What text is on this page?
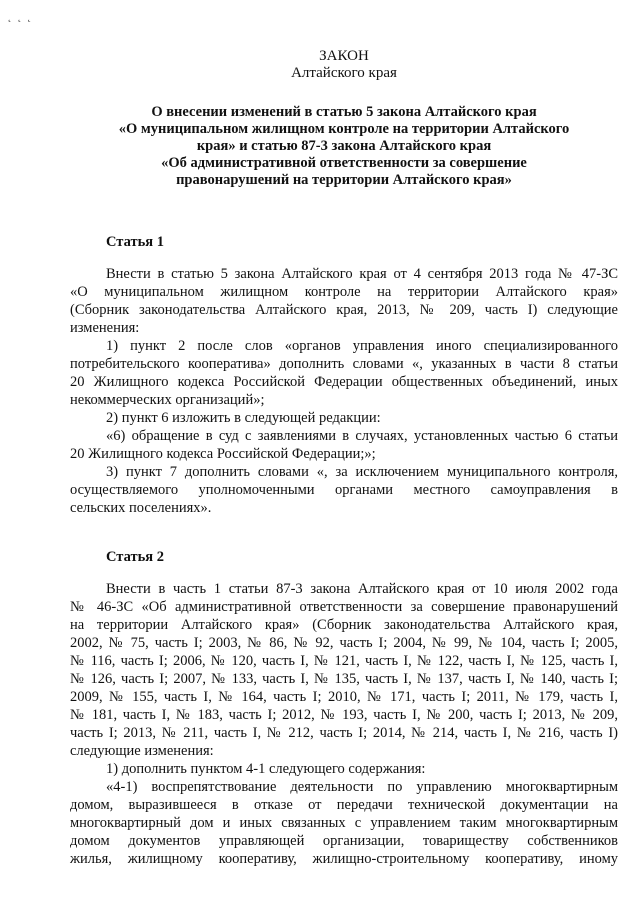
˛ ˛ ˛

ЗАКОН

Алтайского края

О внесении изменений в статью 5 закона Алтайского края
«О муниципальном жилищном контроле на территории Алтайского
края» и статью 87-3 закона Алтайского края
«Об административной ответственности за совершение
правонарушений на территории Алтайского края»
Статья 1
Внести в статью 5 закона Алтайского края от 4 сентября 2013 года № 47-ЗС
«О муниципальном жилищном контроле на территории Алтайского края»
(Сборник законодательства Алтайского края, 2013, № 209, часть I) следующие
изменения:
1) пункт 2 после слов «органов управления иного специализированного
потребительского кооператива» дополнить словами «, указанных в части 8 статьи
20 Жилищного кодекса Российской Федерации общественных объединений, иных
некоммерческих организаций»;
2) пункт 6 изложить в следующей редакции:
«6) обращение в суд с заявлениями в случаях, установленных частью 6 статьи
20 Жилищного кодекса Российской Федерации;»;
3) пункт 7 дополнить словами «, за исключением муниципального контроля,
осуществляемого уполномоченными органами местного самоуправления в
сельских поселениях».
Статья 2
Внести в часть 1 статьи 87-3 закона Алтайского края от 10 июля 2002 года
№ 46-ЗС «Об административной ответственности за совершение правонарушений
на территории Алтайского края» (Сборник законодательства Алтайского края,
2002, № 75, часть I; 2003, № 86, № 92, часть I; 2004, № 99, № 104, часть I; 2005,
№ 116, часть I; 2006, № 120, часть I, № 121, часть I, № 122, часть I, № 125, часть I,
№ 126, часть I; 2007, № 133, часть I, № 135, часть I, № 137, часть I, № 140, часть I;
2009, № 155, часть I, № 164, часть I; 2010, № 171, часть I; 2011, № 179, часть I,
№ 181, часть I, № 183, часть I; 2012, № 193, часть I, № 200, часть I; 2013, № 209,
часть I; 2013, № 211, часть I, № 212, часть I; 2014, № 214, часть I, № 216, часть I)
следующие изменения:
1) дополнить пунктом 4-1 следующего содержания:
«4-1) воспрепятствование деятельности по управлению многоквартирным
домом, выразившееся в отказе от передачи технической документации на
многоквартирный дом и иных связанных с управлением таким многоквартирным
домом документов управляющей организации, товариществу собственников
жилья, жилищному кооперативу, жилищно-строительному кооперативу, иному
